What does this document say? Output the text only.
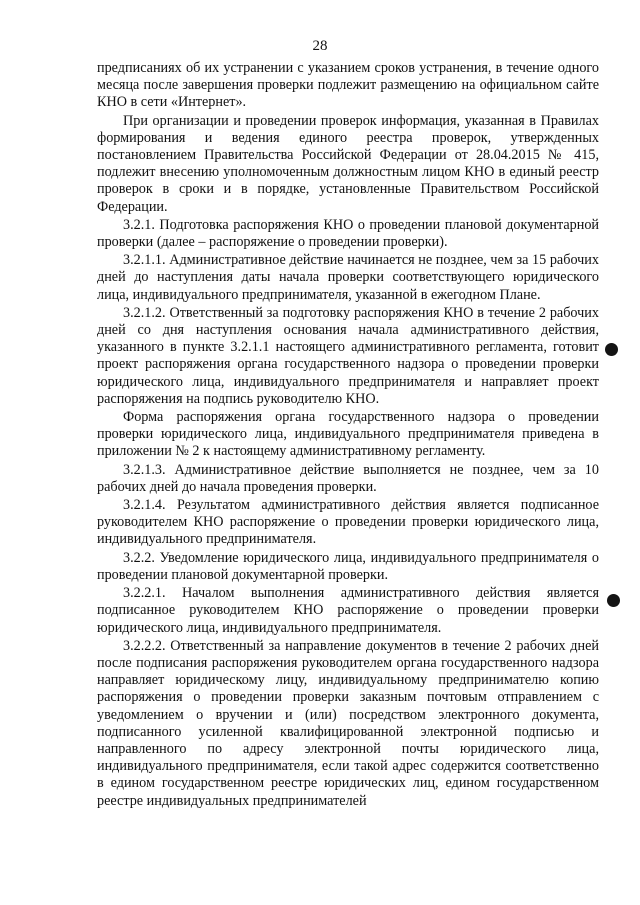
28

предписаниях об их устранении с указанием сроков устранения, в течение одного месяца после завершения проверки подлежит размещению на официальном сайте КНО в сети «Интернет».

При организации и проведении проверок информация, указанная в Правилах формирования и ведения единого реестра проверок, утвержденных постановлением Правительства Российской Федерации от 28.04.2015 № 415, подлежит внесению уполномоченным должностным лицом КНО в единый реестр проверок в сроки и в порядке, установленные Правительством Российской Федерации.

3.2.1. Подготовка распоряжения КНО о проведении плановой документарной проверки (далее – распоряжение о проведении проверки).

3.2.1.1. Административное действие начинается не позднее, чем за 15 рабочих дней до наступления даты начала проверки соответствующего юридического лица, индивидуального предпринимателя, указанной в ежегодном Плане.

3.2.1.2. Ответственный за подготовку распоряжения КНО в течение 2 рабочих дней со дня наступления основания начала административного действия, указанного в пункте 3.2.1.1 настоящего административного регламента, готовит проект распоряжения органа государственного надзора о проведении проверки юридического лица, индивидуального предпринимателя и направляет проект распоряжения на подпись руководителю КНО.

Форма распоряжения органа государственного надзора о проведении проверки юридического лица, индивидуального предпринимателя приведена в приложении № 2 к настоящему административному регламенту.

3.2.1.3. Административное действие выполняется не позднее, чем за 10 рабочих дней до начала проведения проверки.

3.2.1.4. Результатом административного действия является подписанное руководителем КНО распоряжение о проведении проверки юридического лица, индивидуального предпринимателя.

3.2.2. Уведомление юридического лица, индивидуального предпринимателя о проведении плановой документарной проверки.

3.2.2.1. Началом выполнения административного действия является подписанное руководителем КНО распоряжение о проведении проверки юридического лица, индивидуального предпринимателя.

3.2.2.2. Ответственный за направление документов в течение 2 рабочих дней после подписания распоряжения руководителем органа государственного надзора направляет юридическому лицу, индивидуальному предпринимателю копию распоряжения о проведении проверки заказным почтовым отправлением с уведомлением о вручении и (или) посредством электронного документа, подписанного усиленной квалифицированной электронной подписью и направленного по адресу электронной почты юридического лица, индивидуального предпринимателя, если такой адрес содержится соответственно в едином государственном реестре юридических лиц, едином государственном реестре индивидуальных предпринимателей
